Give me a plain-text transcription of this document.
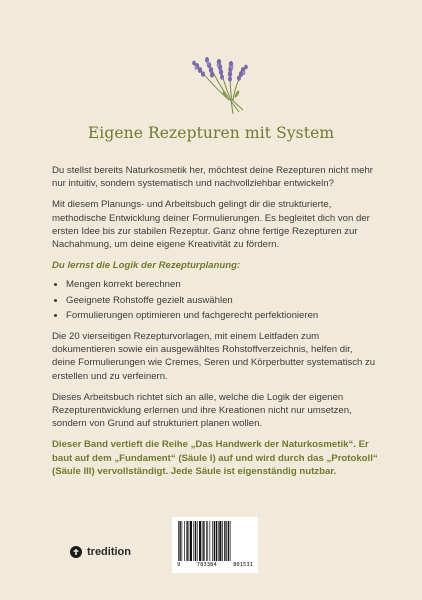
Eigene Rezepturen mit System

Du stellst bereits Naturkosmetik her, möchtest deine Rezepturen nicht mehr nur intuitiv, sondern systematisch und nachvollziehbar entwickeln?

Mit diesem Planungs- und Arbeitsbuch gelingt dir die strukturierte, methodische Entwicklung deiner Formulierungen. Es begleitet dich von der ersten Idee bis zur stabilen Rezeptur. Ganz ohne fertige Rezepturen zur Nachahmung, um deine eigene Kreativität zu fördern.

Du lernst die Logik der Rezepturplanung:

• Mengen korrekt berechnen
• Geeignete Rohstoffe gezielt auswählen
• Formulierungen optimieren und fachgerecht perfektionieren

Die 20 vierseitigen Rezepturvorlagen, mit einem Leitfaden zum dokumentieren sowie ein ausgewähltes Rohstoffverzeichnis, helfen dir, deine Formulierungen wie Cremes, Seren und Körperbutter systematisch zu erstellen und zu verfeinern.

Dieses Arbeitsbuch richtet sich an alle, welche die Logik der eigenen Rezepturentwicklung erlernen und ihre Kreationen nicht nur umsetzen, sondern von Grund auf strukturiert planen wollen.

Dieser Band vertieft die Reihe „Das Handwerk der Naturkosmetik“. Er baut auf dem „Fundament“ (Säule I) auf und wird durch das „Protokoll“ (Säule III) vervollständigt. Jede Säule ist eigenständig nutzbar.

tredition
9	783384	801531
